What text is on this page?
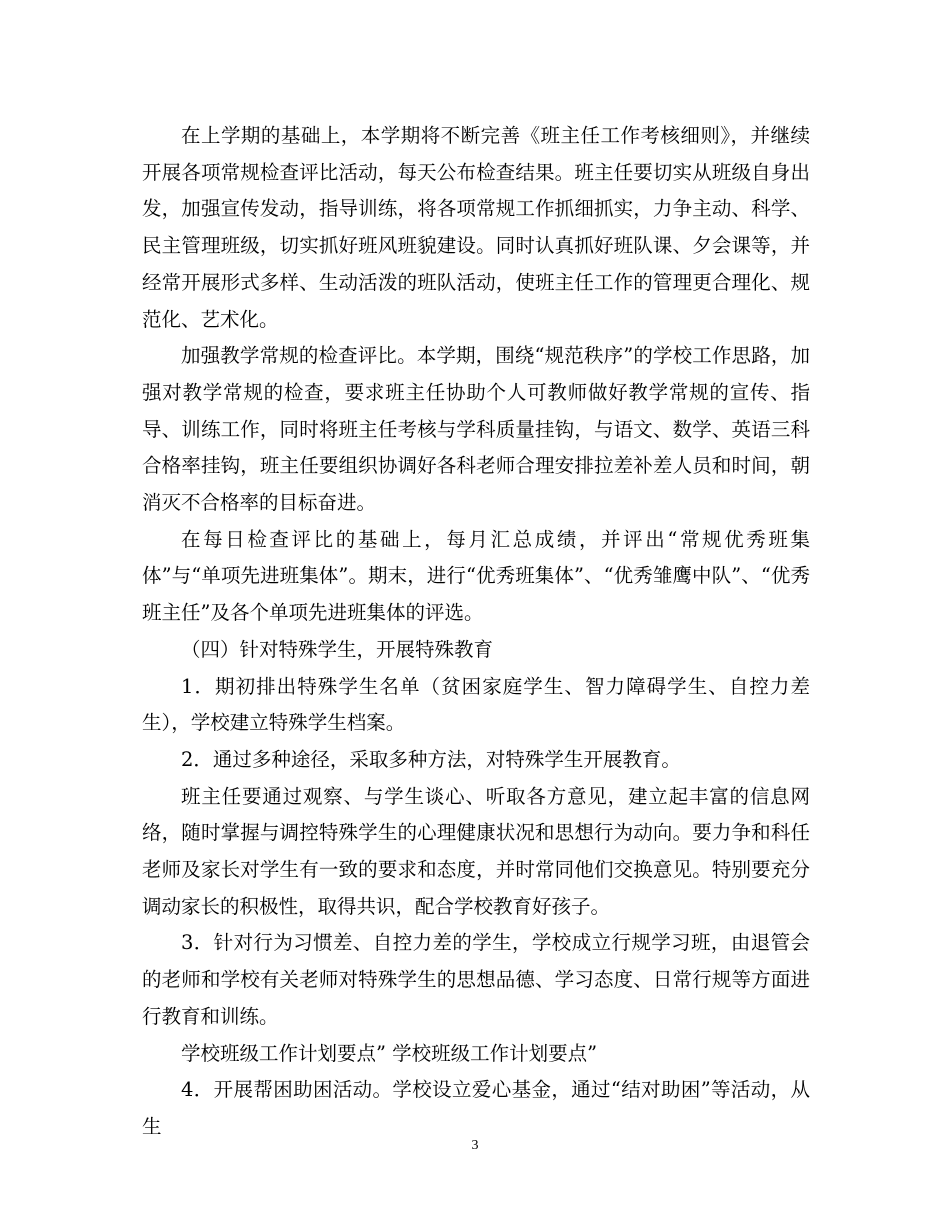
在上学期的基础上，本学期将不断完善《班主任工作考核细则》，并继续开展各项常规检查评比活动，每天公布检查结果。班主任要切实从班级自身出发，加强宣传发动，指导训练，将各项常规工作抓细抓实，力争主动、科学、民主管理班级，切实抓好班风班貌建设。同时认真抓好班队课、夕会课等，并经常开展形式多样、生动活泼的班队活动，使班主任工作的管理更合理化、规范化、艺术化。

加强教学常规的检查评比。本学期，围绕“规范秩序”的学校工作思路，加强对教学常规的检查，要求班主任协助个人可教师做好教学常规的宣传、指导、训练工作，同时将班主任考核与学科质量挂钩，与语文、数学、英语三科合格率挂钩，班主任要组织协调好各科老师合理安排拉差补差人员和时间，朝消灭不合格率的目标奋进。

在每日检查评比的基础上，每月汇总成绩，并评出“常规优秀班集体”与“单项先进班集体”。期末，进行“优秀班集体”、“优秀雏鹰中队”、“优秀班主任”及各个单项先进班集体的评选。

（四）针对特殊学生，开展特殊教育

1．期初排出特殊学生名单（贫困家庭学生、智力障碍学生、自控力差生），学校建立特殊学生档案。

2．通过多种途径，采取多种方法，对特殊学生开展教育。

班主任要通过观察、与学生谈心、听取各方意见，建立起丰富的信息网络，随时掌握与调控特殊学生的心理健康状况和思想行为动向。要力争和科任老师及家长对学生有一致的要求和态度，并时常同他们交换意见。特别要充分调动家长的积极性，取得共识，配合学校教育好孩子。

3．针对行为习惯差、自控力差的学生，学校成立行规学习班，由退管会的老师和学校有关老师对特殊学生的思想品德、学习态度、日常行规等方面进行教育和训练。

学校班级工作计划要点” 学校班级工作计划要点”

4．开展帮困助困活动。学校设立爱心基金，通过“结对助困”等活动，从生

3
